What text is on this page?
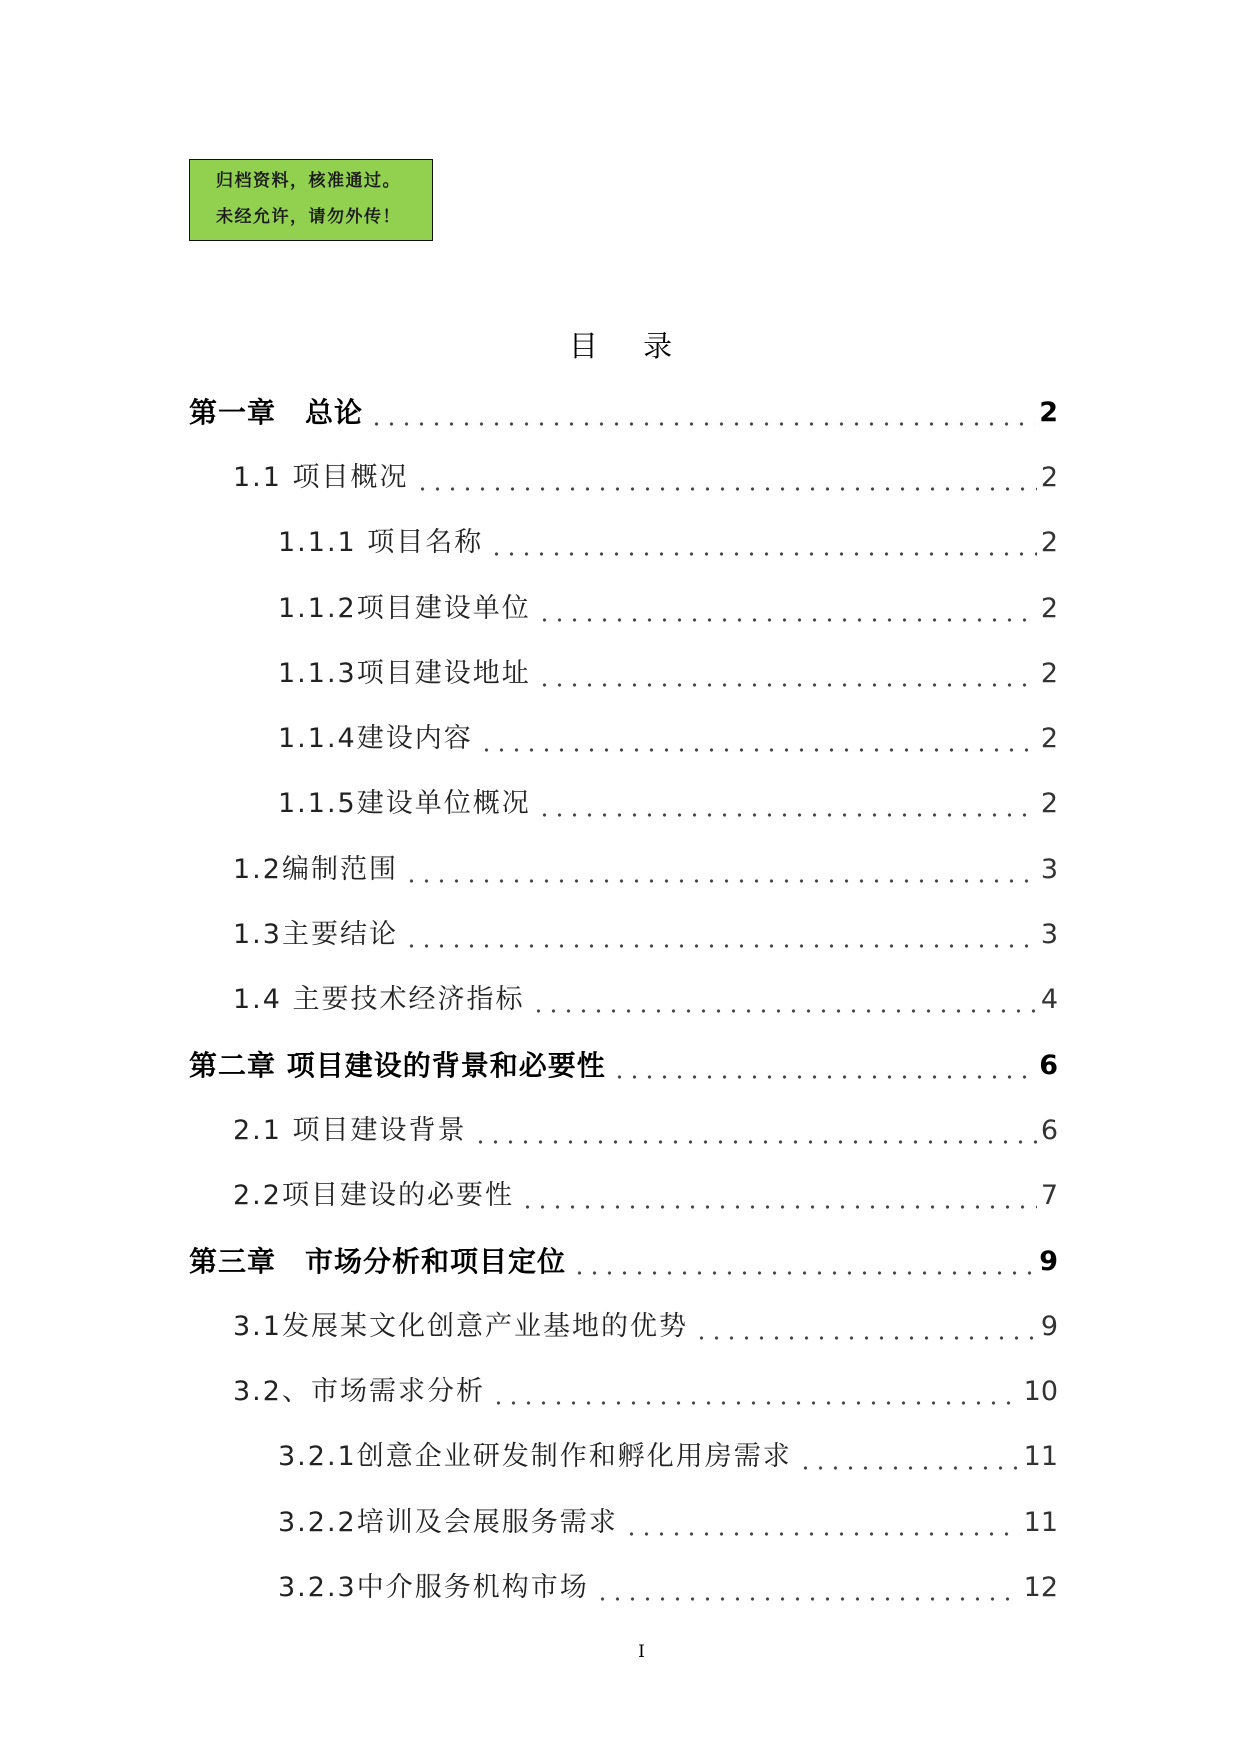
归档资料，核准通过。
未经允许，请勿外传！
目 录
第一章　总论	2
1.1 项目概况	2
1.1.1 项目名称	2
1.1.2项目建设单位	2
1.1.3项目建设地址	2
1.1.4建设内容	2
1.1.5建设单位概况	2
1.2编制范围	3
1.3主要结论	3
1.4 主要技术经济指标	4
第二章 项目建设的背景和必要性	6
2.1 项目建设背景	6
2.2项目建设的必要性	7
第三章　市场分析和项目定位	9
3.1发展某文化创意产业基地的优势	9
3.2、市场需求分析	10
3.2.1创意企业研发制作和孵化用房需求	11
3.2.2培训及会展服务需求	11
3.2.3中介服务机构市场	12
I
